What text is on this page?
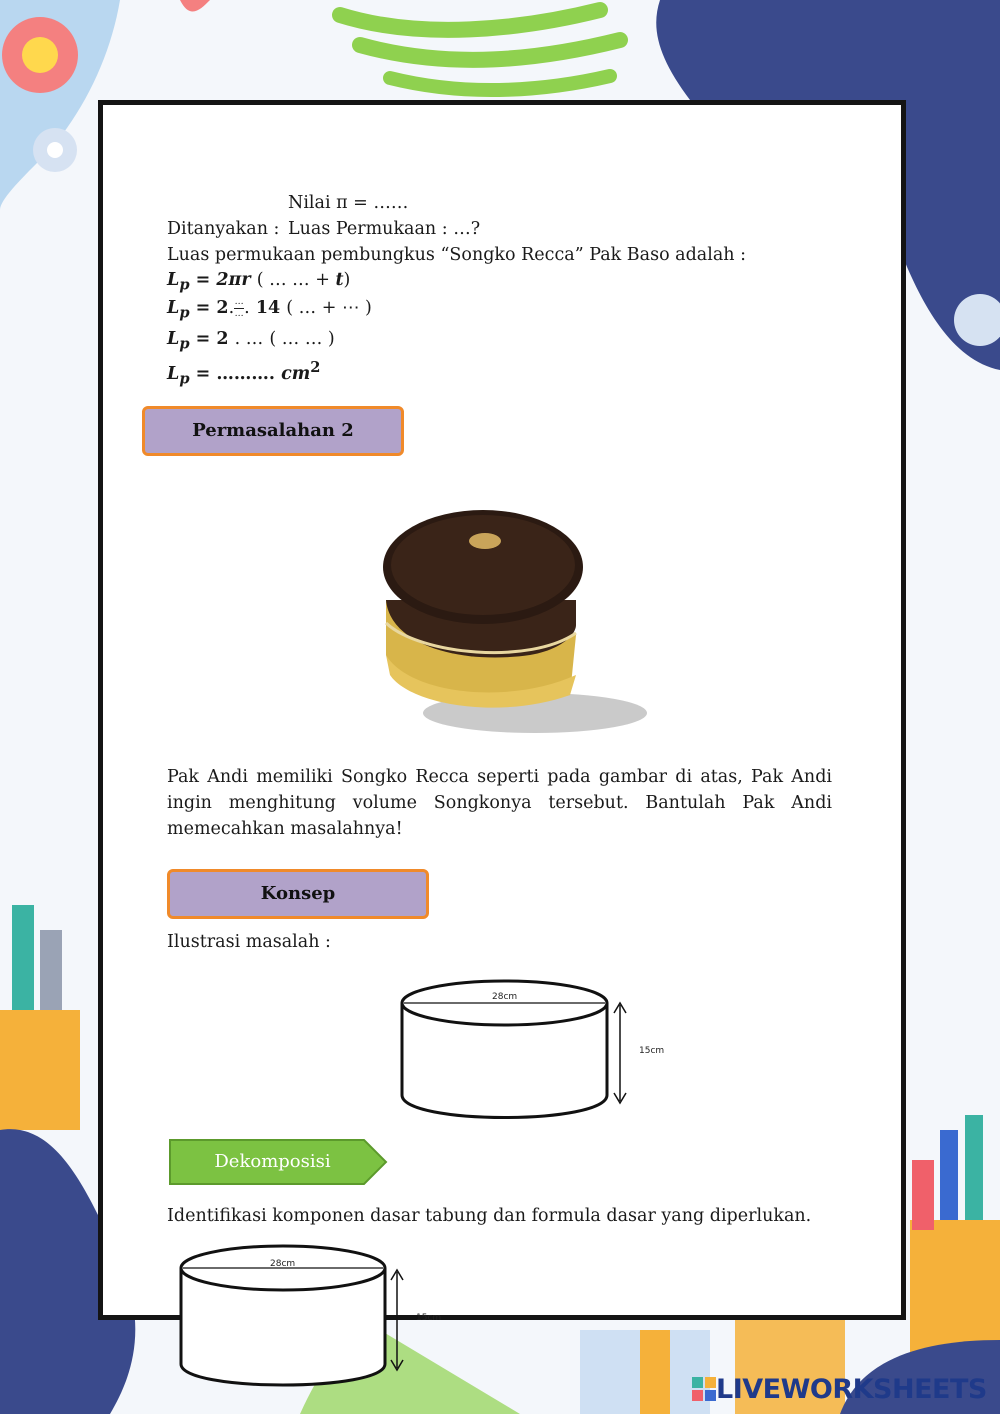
Nilai π = ……
Ditanyakan : Luas Permukaan : …?
Luas permukaan pembungkus “Songko Recca” Pak Baso adalah :
$L_p = 2\pi r$ ( … … + t)
$L_p = 2$. $\frac{\dots}{\dots}$ . 14 ( … + ⋯ )
$L_p = 2$ . … ( … … )
$L_p$ = ………. $cm^2$
Permasalahan 2
Pak Andi memiliki Songko Recca seperti pada gambar di atas, Pak Andi ingin menghitung volume Songkonya tersebut. Bantulah Pak Andi memecahkan masalahnya!
Konsep
Ilustrasi masalah :
28cm
15cm
Dekomposisi
Identifikasi komponen dasar tabung dan formula dasar yang diperlukan.
28cm
15cm
LIVEWORKSHEETS
